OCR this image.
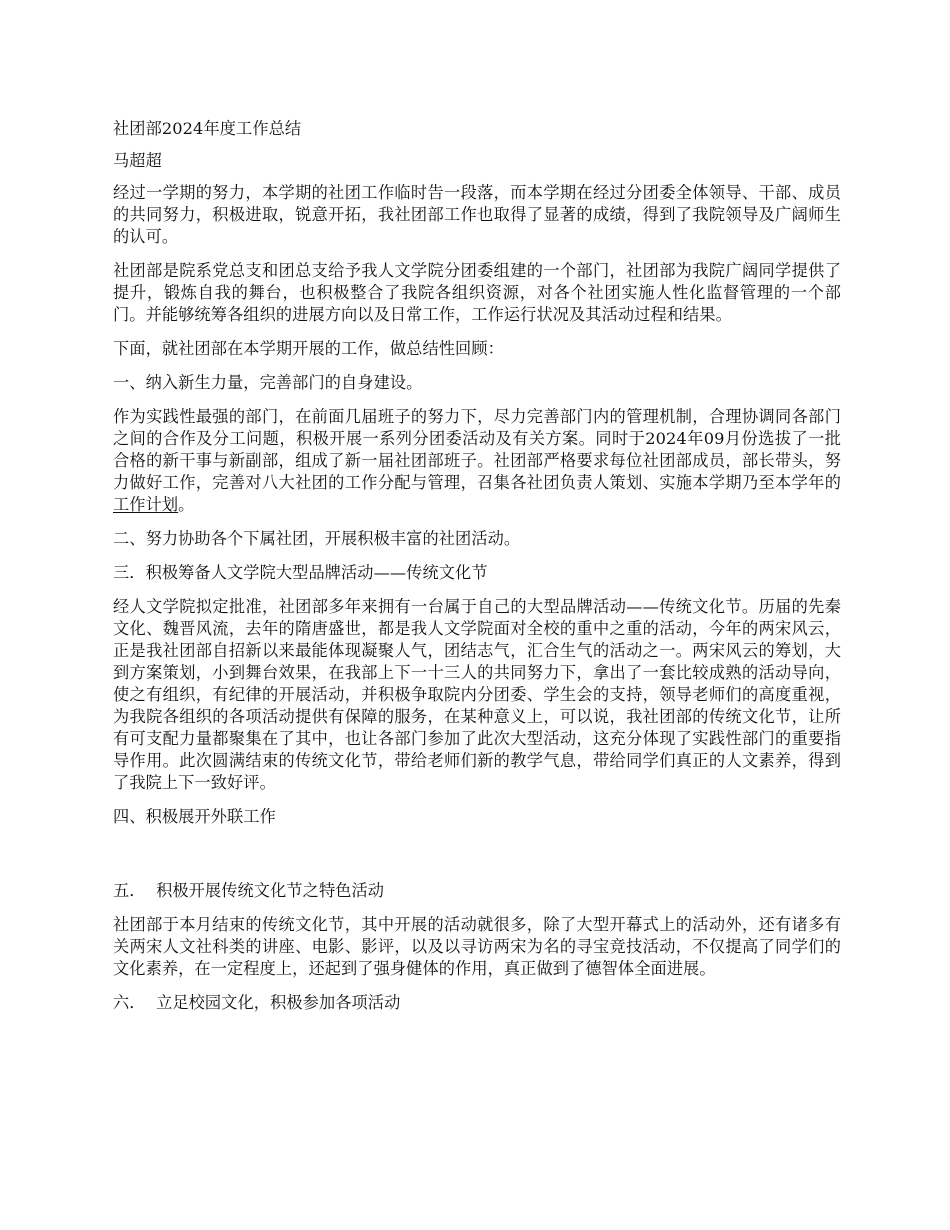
社团部2024年度工作总结

马超超

经过一学期的努力，本学期的社团工作临时告一段落，而本学期在经过分团委全体领导、干部、成员的共同努力，积极进取，锐意开拓，我社团部工作也取得了显著的成绩，得到了我院领导及广阔师生的认可。

社团部是院系党总支和团总支给予我人文学院分团委组建的一个部门，社团部为我院广阔同学提供了提升，锻炼自我的舞台，也积极整合了我院各组织资源，对各个社团实施人性化监督管理的一个部门。并能够统筹各组织的进展方向以及日常工作，工作运行状况及其活动过程和结果。

下面，就社团部在本学期开展的工作，做总结性回顾：

一、纳入新生力量，完善部门的自身建设。

作为实践性最强的部门，在前面几届班子的努力下，尽力完善部门内的管理机制，合理协调同各部门之间的合作及分工问题，积极开展一系列分团委活动及有关方案。同时于2024年09月份选拔了一批合格的新干事与新副部，组成了新一届社团部班子。社团部严格要求每位社团部成员，部长带头，努力做好工作，完善对八大社团的工作分配与管理，召集各社团负责人策划、实施本学期乃至本学年的工作计划。

二、努力协助各个下属社团，开展积极丰富的社团活动。

三．积极筹备人文学院大型品牌活动——传统文化节

经人文学院拟定批准，社团部多年来拥有一台属于自己的大型品牌活动——传统文化节。历届的先秦文化、魏晋风流，去年的隋唐盛世，都是我人文学院面对全校的重中之重的活动，今年的两宋风云，正是我社团部自招新以来最能体现凝聚人气，团结志气，汇合生气的活动之一。两宋风云的筹划，大到方案策划，小到舞台效果，在我部上下一十三人的共同努力下，拿出了一套比较成熟的活动导向，使之有组织，有纪律的开展活动，并积极争取院内分团委、学生会的支持，领导老师们的高度重视，为我院各组织的各项活动提供有保障的服务，在某种意义上，可以说，我社团部的传统文化节，让所有可支配力量都聚集在了其中，也让各部门参加了此次大型活动，这充分体现了实践性部门的重要指导作用。此次圆满结束的传统文化节，带给老师们新的教学气息，带给同学们真正的人文素养，得到了我院上下一致好评。

四、积极展开外联工作

五．  积极开展传统文化节之特色活动

社团部于本月结束的传统文化节，其中开展的活动就很多，除了大型开幕式上的活动外，还有诸多有关两宋人文社科类的讲座、电影、影评，以及以寻访两宋为名的寻宝竞技活动，不仅提高了同学们的文化素养，在一定程度上，还起到了强身健体的作用，真正做到了德智体全面进展。

六．  立足校园文化，积极参加各项活动
